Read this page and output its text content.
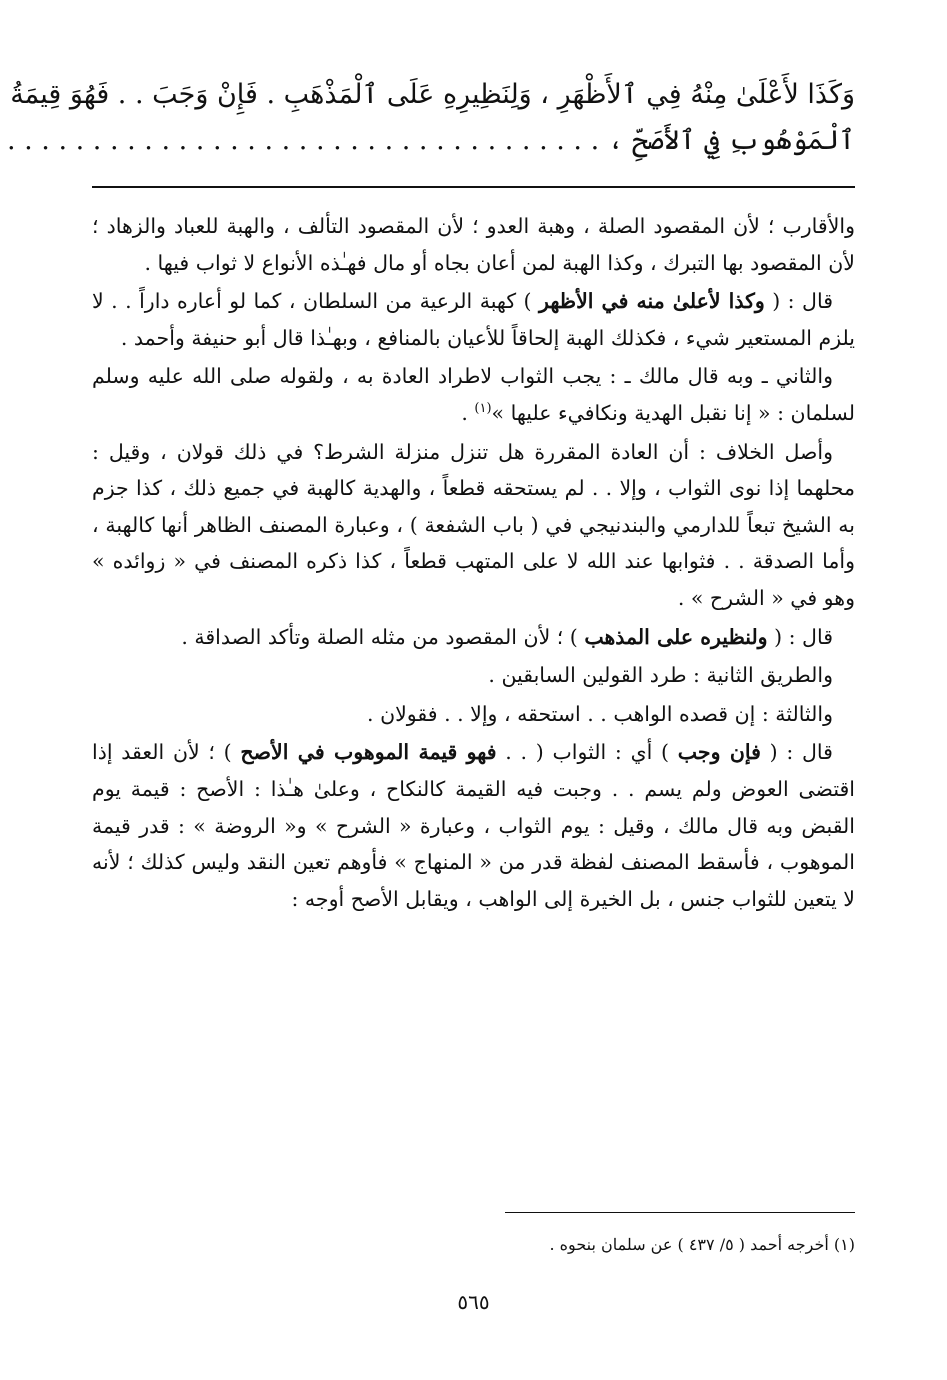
وَكَذَا لأَعْلَىٰ مِنْهُ فِي ٱلأَظْهَرِ ، وَلِنَظِيرِهِ عَلَى ٱلْمَذْهَبِ . فَإِنْ وَجَبَ . . فَهُوَ قِيمَةُ
ٱلْمَوْهُوبِ فِي ٱلأَصَحِّ ، . . . . . . . . . . . . . . . . . . . . . . . . . . . . . . . . . . .

والأقارب ؛ لأن المقصود الصلة ، وهبة العدو ؛ لأن المقصود التألف ، والهبة للعباد والزهاد ؛ لأن المقصود بها التبرك ، وكذا الهبة لمن أعان بجاه أو مال فهـٰذه الأنواع لا ثواب فيها .

قال : ( وكذا لأعلىٰ منه في الأظهر ) كهبة الرعية من السلطان ، كما لو أعاره داراً . . لا يلزم المستعير شيء ، فكذلك الهبة إلحاقاً للأعيان بالمنافع ، وبهـٰذا قال أبو حنيفة وأحمد .

والثاني ـ وبه قال مالك ـ : يجب الثواب لاطراد العادة به ، ولقوله صلى الله عليه وسلم لسلمان : « إنا نقبل الهدية ونكافيء عليها »$^{(١)}$ .

وأصل الخلاف : أن العادة المقررة هل تنزل منزلة الشرط؟ في ذلك قولان ، وقيل : محلهما إذا نوى الثواب ، وإلا . . لم يستحقه قطعاً ، والهدية كالهبة في جميع ذلك ، كذا جزم به الشيخ تبعاً للدارمي والبندنيجي في ( باب الشفعة ) ، وعبارة المصنف الظاهر أنها كالهبة ، وأما الصدقة . . فثوابها عند الله لا على المتهب قطعاً ، كذا ذكره المصنف في « زوائده » وهو في « الشرح » .

قال : ( ولنظيره على المذهب ) ؛ لأن المقصود من مثله الصلة وتأكد الصداقة .

والطريق الثانية : طرد القولين السابقين .

والثالثة : إن قصده الواهب . . استحقه ، وإلا . . فقولان .

قال : ( فإن وجب ) أي : الثواب ( . . فهو قيمة الموهوب في الأصح ) ؛ لأن العقد إذا اقتضى العوض ولم يسم . . وجبت فيه القيمة كالنكاح ، وعلىٰ هـٰذا : الأصح : قيمة يوم القبض وبه قال مالك ، وقيل : يوم الثواب ، وعبارة « الشرح » و« الروضة » : قدر قيمة الموهوب ، فأسقط المصنف لفظة قدر من « المنهاج » فأوهم تعين النقد وليس كذلك ؛ لأنه لا يتعين للثواب جنس ، بل الخيرة إلى الواهب ، ويقابل الأصح أوجه :

(١) أخرجه أحمد ( ٥/ ٤٣٧ ) عن سلمان بنحوه .
٥٦٥
